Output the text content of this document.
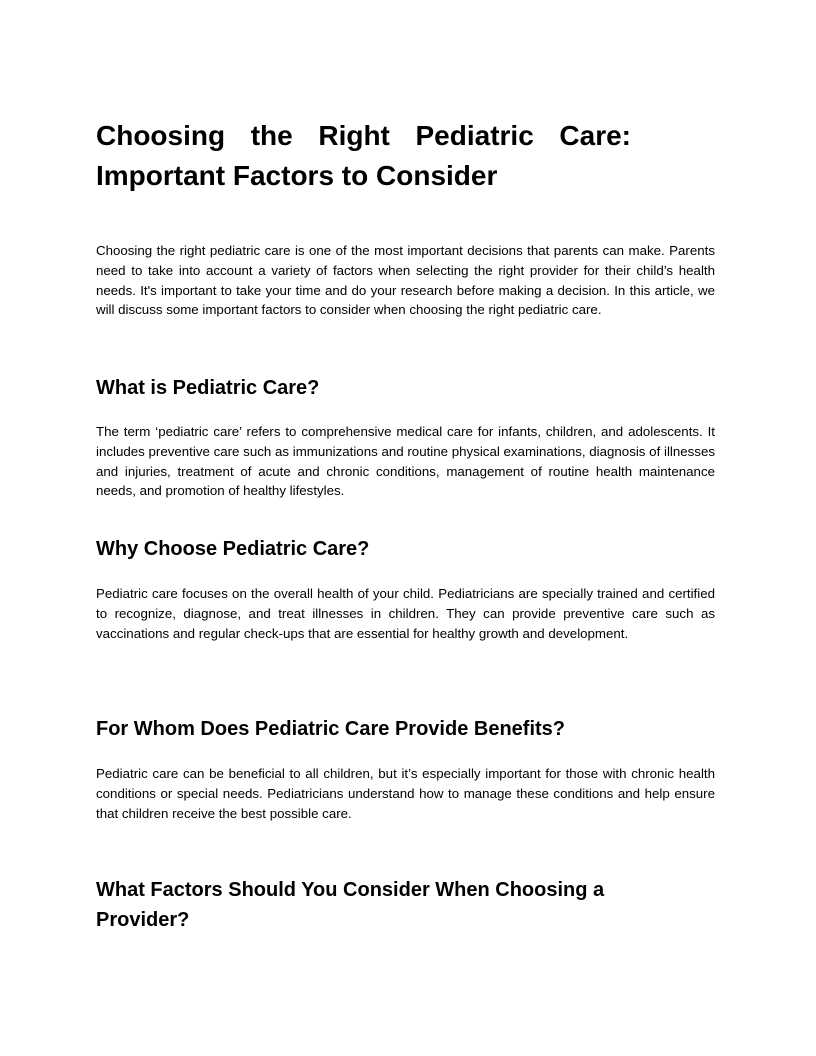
Choosing the Right Pediatric Care: Important Factors to Consider

Choosing the right pediatric care is one of the most important decisions that parents can make. Parents need to take into account a variety of factors when selecting the right provider for their child’s health needs. It's important to take your time and do your research before making a decision. In this article, we will discuss some important factors to consider when choosing the right pediatric care.

What is Pediatric Care?

The term ‘pediatric care’ refers to comprehensive medical care for infants, children, and adolescents. It includes preventive care such as immunizations and routine physical examinations, diagnosis of illnesses and injuries, treatment of acute and chronic conditions, management of routine health maintenance needs, and promotion of healthy lifestyles.

Why Choose Pediatric Care?

Pediatric care focuses on the overall health of your child. Pediatricians are specially trained and certified to recognize, diagnose, and treat illnesses in children. They can provide preventive care such as vaccinations and regular check-ups that are essential for healthy growth and development.

For Whom Does Pediatric Care Provide Benefits?

Pediatric care can be beneficial to all children, but it’s especially important for those with chronic health conditions or special needs. Pediatricians understand how to manage these conditions and help ensure that children receive the best possible care.

What Factors Should You Consider When Choosing a Provider?
